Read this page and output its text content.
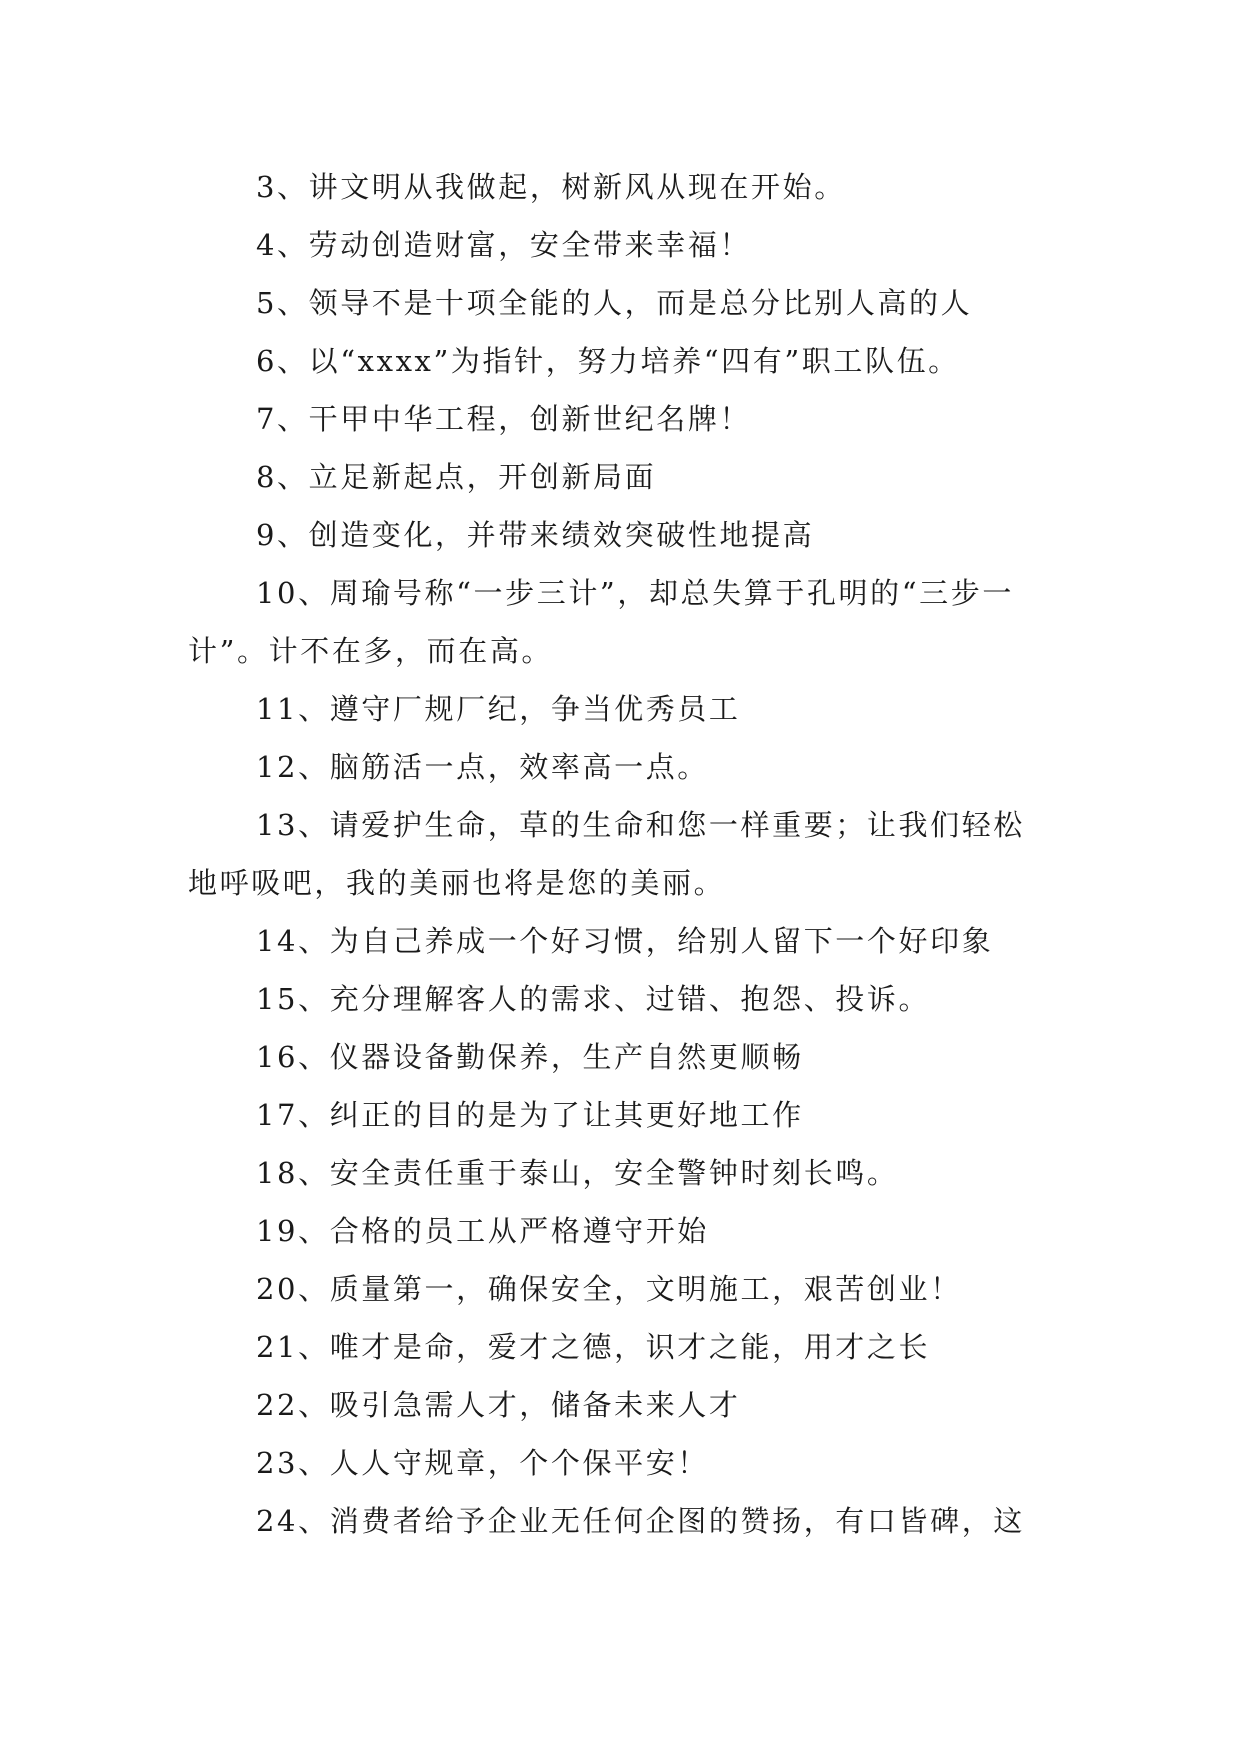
3、讲文明从我做起，树新风从现在开始。

4、劳动创造财富，安全带来幸福！

5、领导不是十项全能的人，而是总分比别人高的人

6、以“xxxx”为指针，努力培养“四有”职工队伍。

7、干甲中华工程，创新世纪名牌！

8、立足新起点，开创新局面

9、创造变化，并带来绩效突破性地提高

10、周瑜号称“一步三计”，却总失算于孔明的“三步一计”。计不在多，而在高。

11、遵守厂规厂纪，争当优秀员工

12、脑筋活一点，效率高一点。

13、请爱护生命，草的生命和您一样重要；让我们轻松地呼吸吧，我的美丽也将是您的美丽。

14、为自己养成一个好习惯，给别人留下一个好印象

15、充分理解客人的需求、过错、抱怨、投诉。

16、仪器设备勤保养，生产自然更顺畅

17、纠正的目的是为了让其更好地工作

18、安全责任重于泰山，安全警钟时刻长鸣。

19、合格的员工从严格遵守开始

20、质量第一，确保安全，文明施工，艰苦创业！

21、唯才是命，爱才之德，识才之能，用才之长

22、吸引急需人才，储备未来人才

23、人人守规章，个个保平安！

24、消费者给予企业无任何企图的赞扬，有口皆碑，这
